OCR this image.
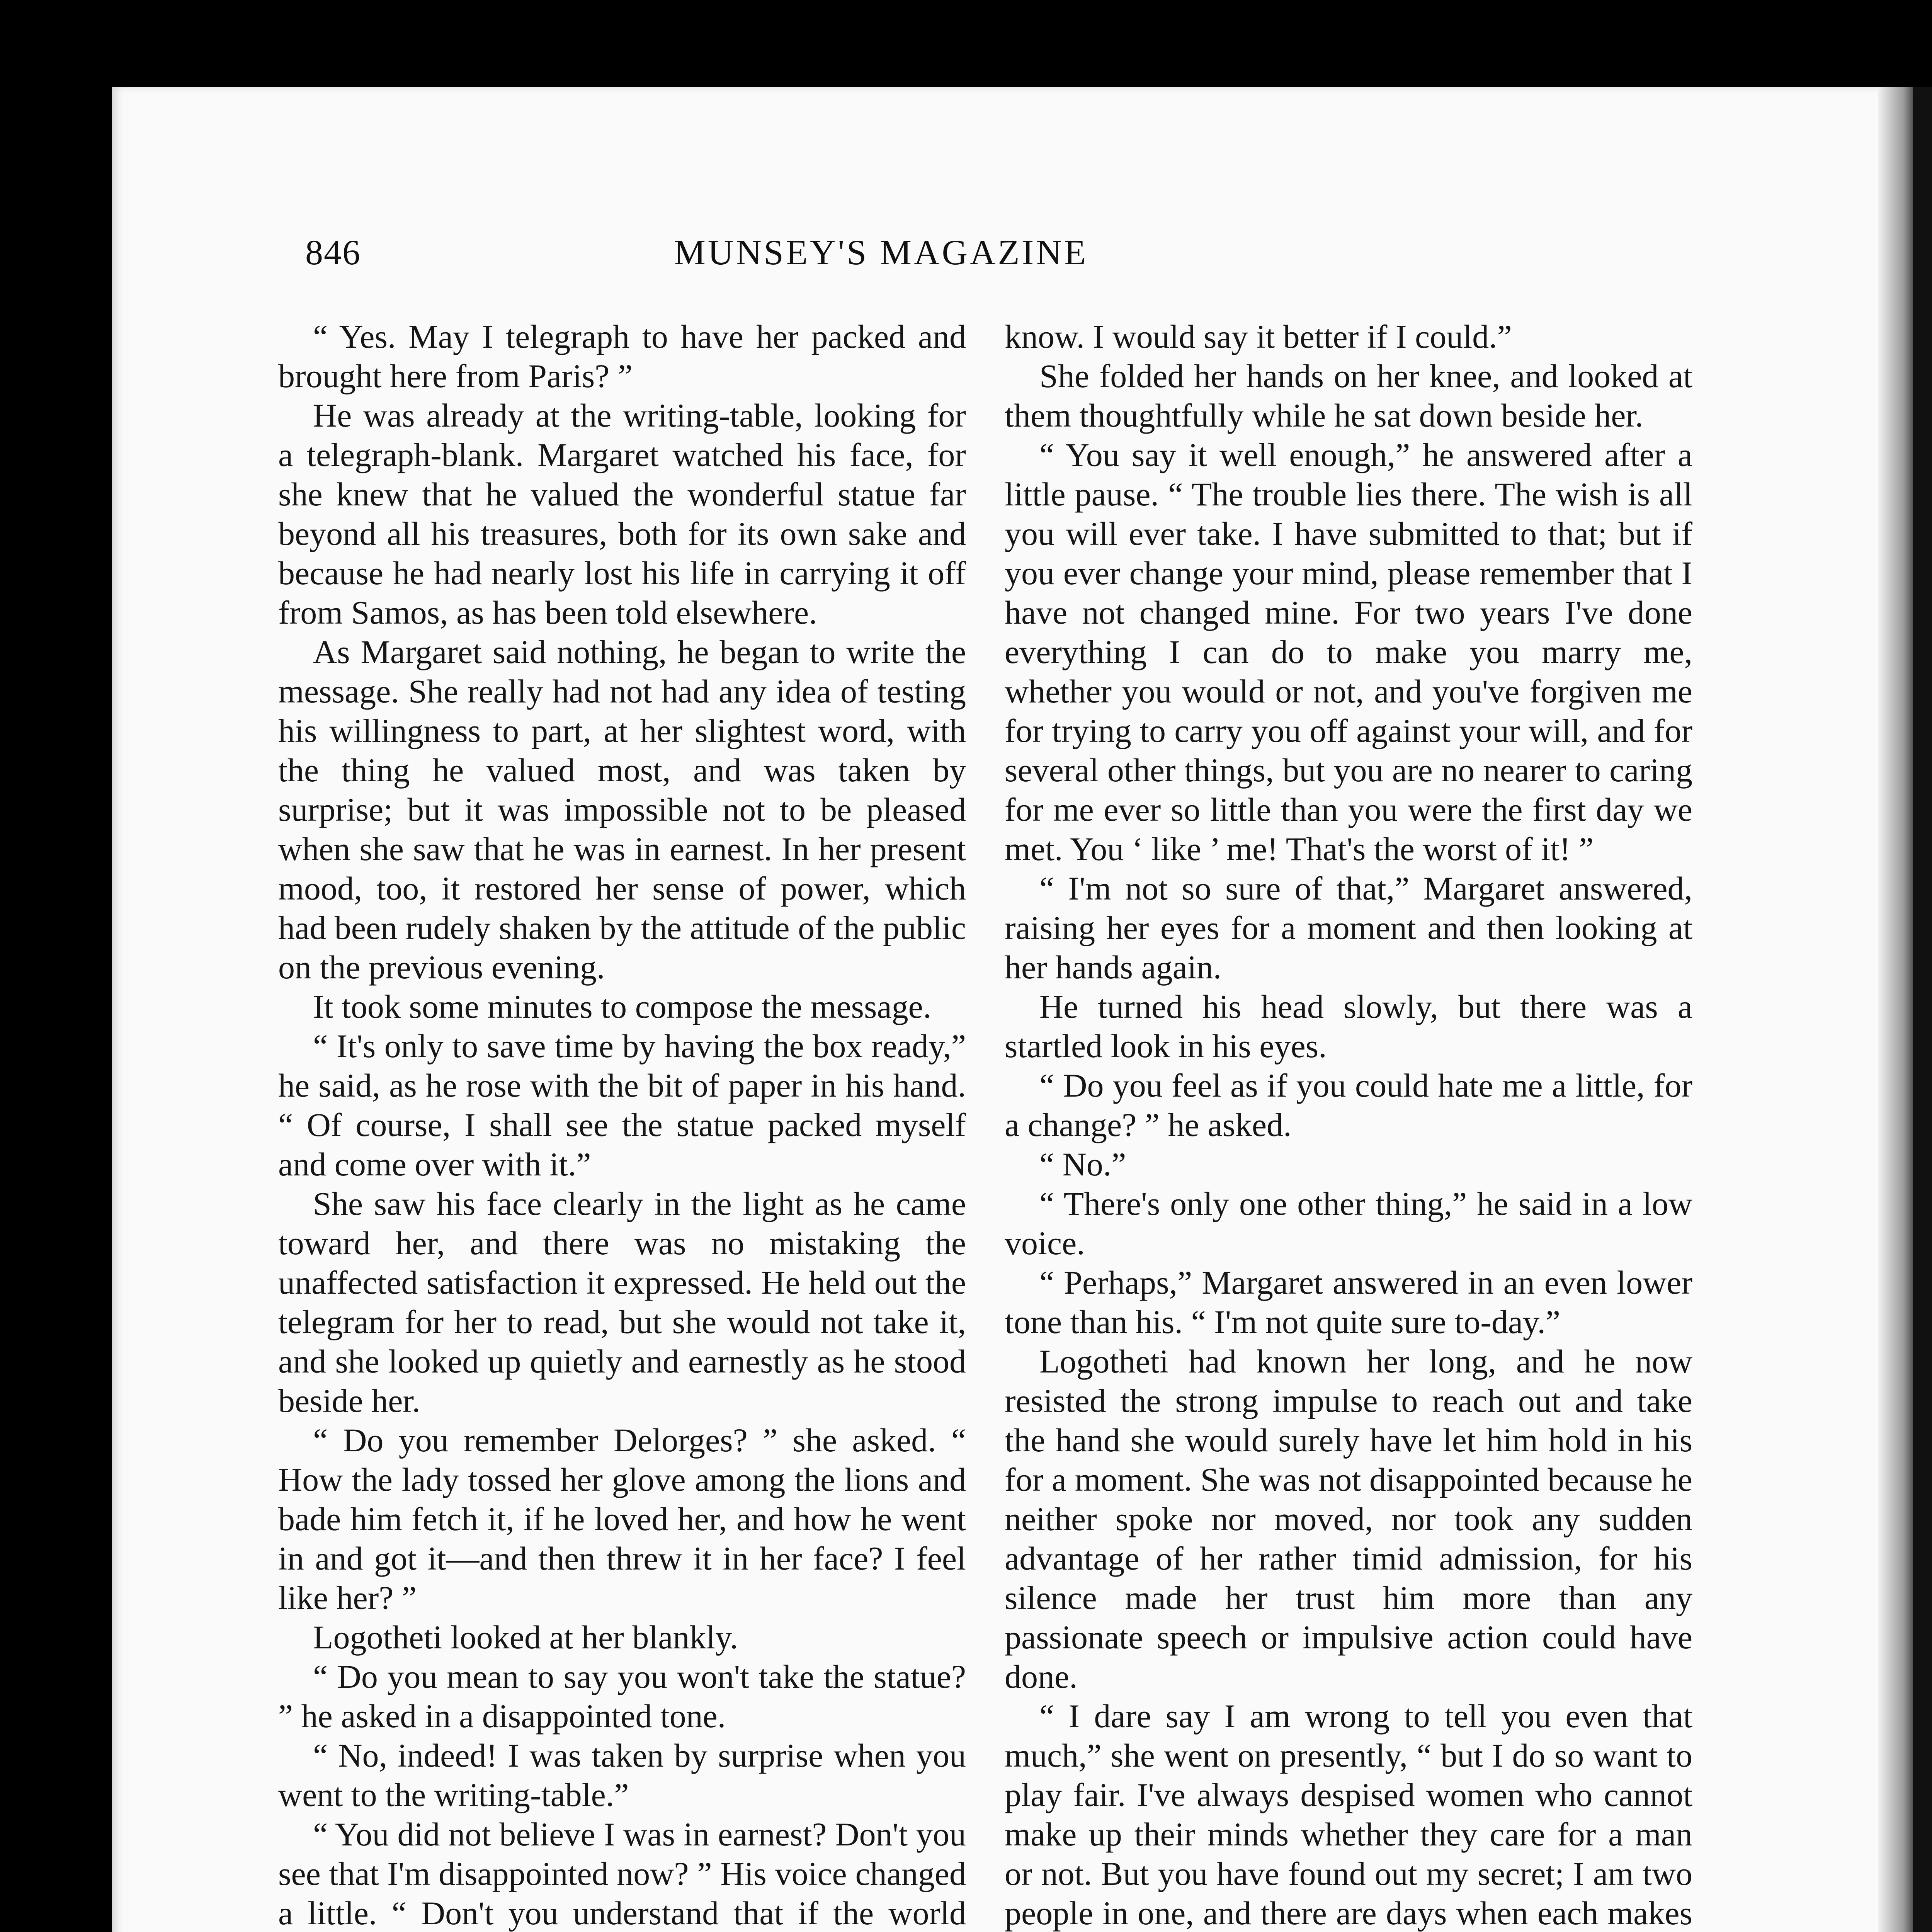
846	MUNSEY'S MAGAZINE

“ Yes. May I telegraph to have her packed and brought here from Paris? ”

He was already at the writing-table, looking for a telegraph-blank. Margaret watched his face, for she knew that he valued the wonderful statue far beyond all his treasures, both for its own sake and because he had nearly lost his life in carrying it off from Samos, as has been told elsewhere.

As Margaret said nothing, he began to write the message. She really had not had any idea of testing his willingness to part, at her slightest word, with the thing he valued most, and was taken by surprise; but it was impossible not to be pleased when she saw that he was in earnest. In her present mood, too, it restored her sense of power, which had been rudely shaken by the attitude of the public on the previous evening.

It took some minutes to compose the message.

“ It's only to save time by having the box ready,” he said, as he rose with the bit of paper in his hand. “ Of course, I shall see the statue packed myself and come over with it.”

She saw his face clearly in the light as he came toward her, and there was no mistaking the unaffected satisfaction it expressed. He held out the telegram for her to read, but she would not take it, and she looked up quietly and earnestly as he stood beside her.

“ Do you remember Delorges? ” she asked. “ How the lady tossed her glove among the lions and bade him fetch it, if he loved her, and how he went in and got it—and then threw it in her face? I feel like her? ”

Logotheti looked at her blankly.

“ Do you mean to say you won't take the statue? ” he asked in a disappointed tone.

“ No, indeed! I was taken by surprise when you went to the writing-table.”

“ You did not believe I was in earnest? Don't you see that I'm disappointed now? ” His voice changed a little. “ Don't you understand that if the world

know. I would say it better if I could.”

She folded her hands on her knee, and looked at them thoughtfully while he sat down beside her.

“ You say it well enough,” he answered after a little pause. “ The trouble lies there. The wish is all you will ever take. I have submitted to that; but if you ever change your mind, please remember that I have not changed mine. For two years I've done everything I can do to make you marry me, whether you would or not, and you've forgiven me for trying to carry you off against your will, and for several other things, but you are no nearer to caring for me ever so little than you were the first day we met. You ‘ like ’ me! That's the worst of it! ”

“ I'm not so sure of that,” Margaret answered, raising her eyes for a moment and then looking at her hands again.

He turned his head slowly, but there was a startled look in his eyes.

“ Do you feel as if you could hate me a little, for a change? ” he asked.

“ No.”

“ There's only one other thing,” he said in a low voice.

“ Perhaps,” Margaret answered in an even lower tone than his. “ I'm not quite sure to-day.”

Logotheti had known her long, and he now resisted the strong impulse to reach out and take the hand she would surely have let him hold in his for a moment. She was not disappointed because he neither spoke nor moved, nor took any sudden advantage of her rather timid admission, for his silence made her trust him more than any passionate speech or impulsive action could have done.

“ I dare say I am wrong to tell you even that much,” she went on presently, “ but I do so want to play fair. I've always despised women who cannot make up their minds whether they care for a man or not. But you have found out my secret; I am two people in one, and there are days when each makes
